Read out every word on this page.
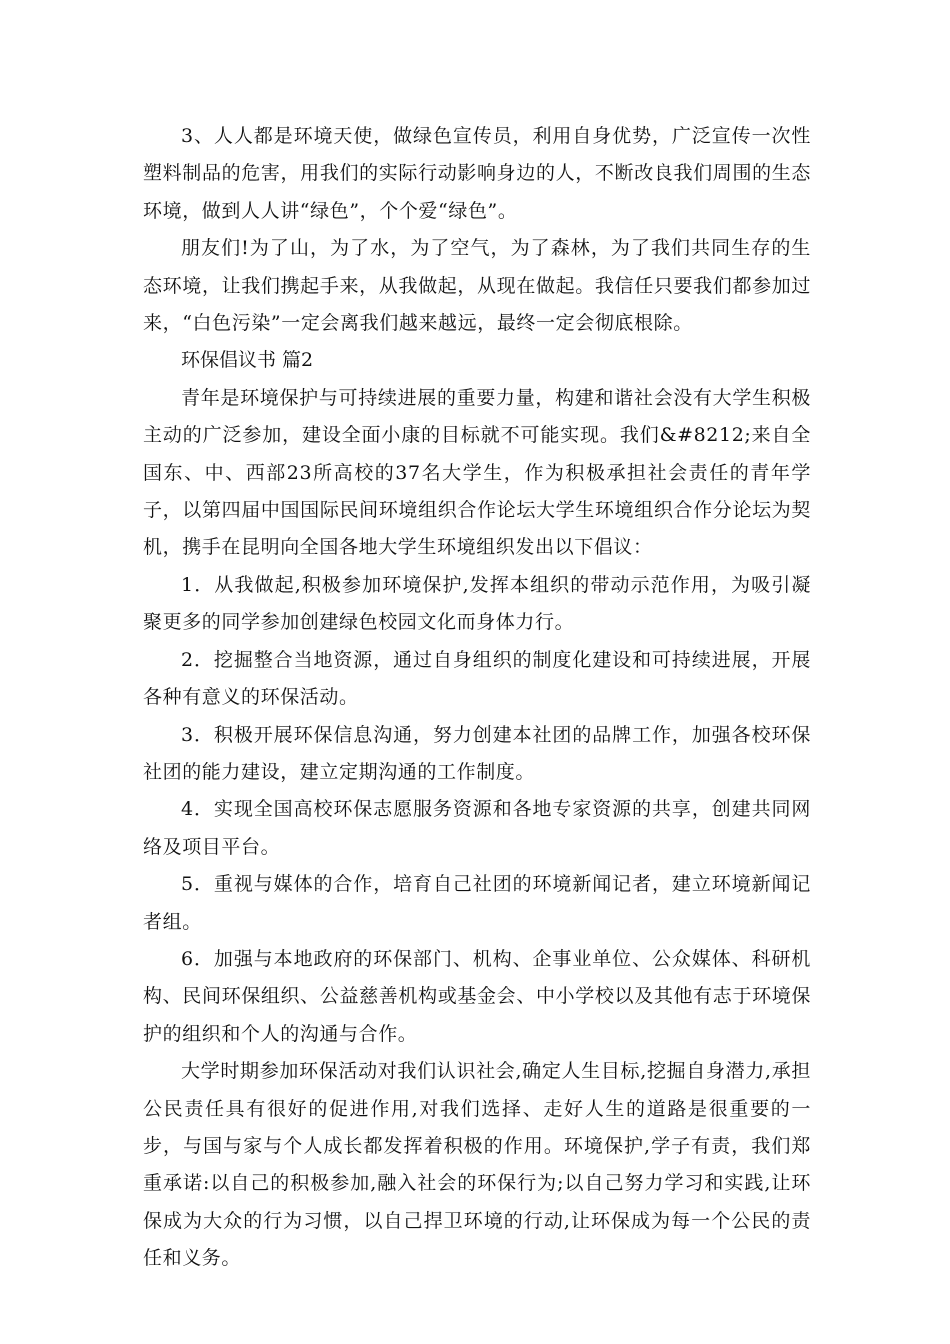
3、人人都是环境天使，做绿色宣传员，利用自身优势，广泛宣传一次性塑料制品的危害，用我们的实际行动影响身边的人，不断改良我们周围的生态环境，做到人人讲“绿色”，个个爱“绿色”。

朋友们!为了山，为了水，为了空气，为了森林，为了我们共同生存的生态环境，让我们携起手来，从我做起，从现在做起。我信任只要我们都参加过来，“白色污染”一定会离我们越来越远，最终一定会彻底根除。

环保倡议书 篇2

青年是环境保护与可持续进展的重要力量，构建和谐社会没有大学生积极主动的广泛参加，建设全面小康的目标就不可能实现。我们&#8212;来自全国东、中、西部23所高校的37名大学生，作为积极承担社会责任的青年学子，以第四届中国国际民间环境组织合作论坛大学生环境组织合作分论坛为契机，携手在昆明向全国各地大学生环境组织发出以下倡议：

1．从我做起,积极参加环境保护,发挥本组织的带动示范作用，为吸引凝聚更多的同学参加创建绿色校园文化而身体力行。

2．挖掘整合当地资源，通过自身组织的制度化建设和可持续进展，开展各种有意义的环保活动。

3．积极开展环保信息沟通，努力创建本社团的品牌工作，加强各校环保社团的能力建设，建立定期沟通的工作制度。

4．实现全国高校环保志愿服务资源和各地专家资源的共享，创建共同网络及项目平台。

5．重视与媒体的合作，培育自己社团的环境新闻记者，建立环境新闻记者组。

6．加强与本地政府的环保部门、机构、企事业单位、公众媒体、科研机构、民间环保组织、公益慈善机构或基金会、中小学校以及其他有志于环境保护的组织和个人的沟通与合作。

大学时期参加环保活动对我们认识社会,确定人生目标,挖掘自身潜力,承担公民责任具有很好的促进作用,对我们选择、走好人生的道路是很重要的一步，与国与家与个人成长都发挥着积极的作用。环境保护,学子有责，我们郑重承诺:以自己的积极参加,融入社会的环保行为;以自己努力学习和实践,让环保成为大众的行为习惯，以自己捍卫环境的行动,让环保成为每一个公民的责任和义务。
